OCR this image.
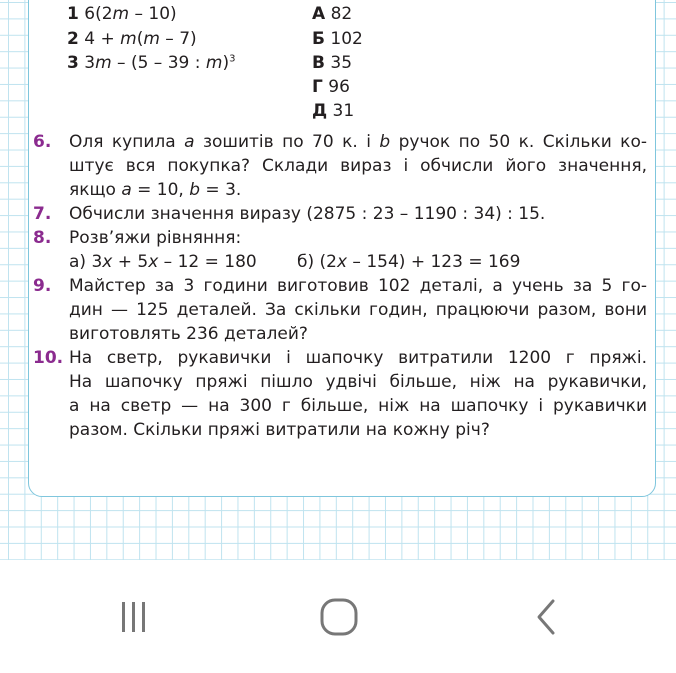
1 6(2m – 10)
2 4 + m(m – 7)
3 3m – (5 – 39 : m)$^3$
А 82
Б 102
В 35
Г 96
Д 31
6. Оля купила a зошитів по 70 к. і b ручок по 50 к. Скільки ко-
штує вся покупка? Склади вираз і обчисли його значення,
якщо a = 10, b = 3.
7. Обчисли значення виразу (2875 : 23 – 1190 : 34) : 15.
8. Розв’яжи рівняння:
а) 3x + 5x – 12 = 180 б) (2x – 154) + 123 = 169
9. Майстер за 3 години виготовив 102 деталі, а учень за 5 го-
дин — 125 деталей. За скільки годин, працюючи разом, вони
виготовлять 236 деталей?
10. На светр, рукавички і шапочку витратили 1200 г пряжі.
На шапочку пряжі пішло удвічі більше, ніж на рукавички,
а на светр — на 300 г більше, ніж на шапочку і рукавички
разом. Скільки пряжі витратили на кожну річ?
